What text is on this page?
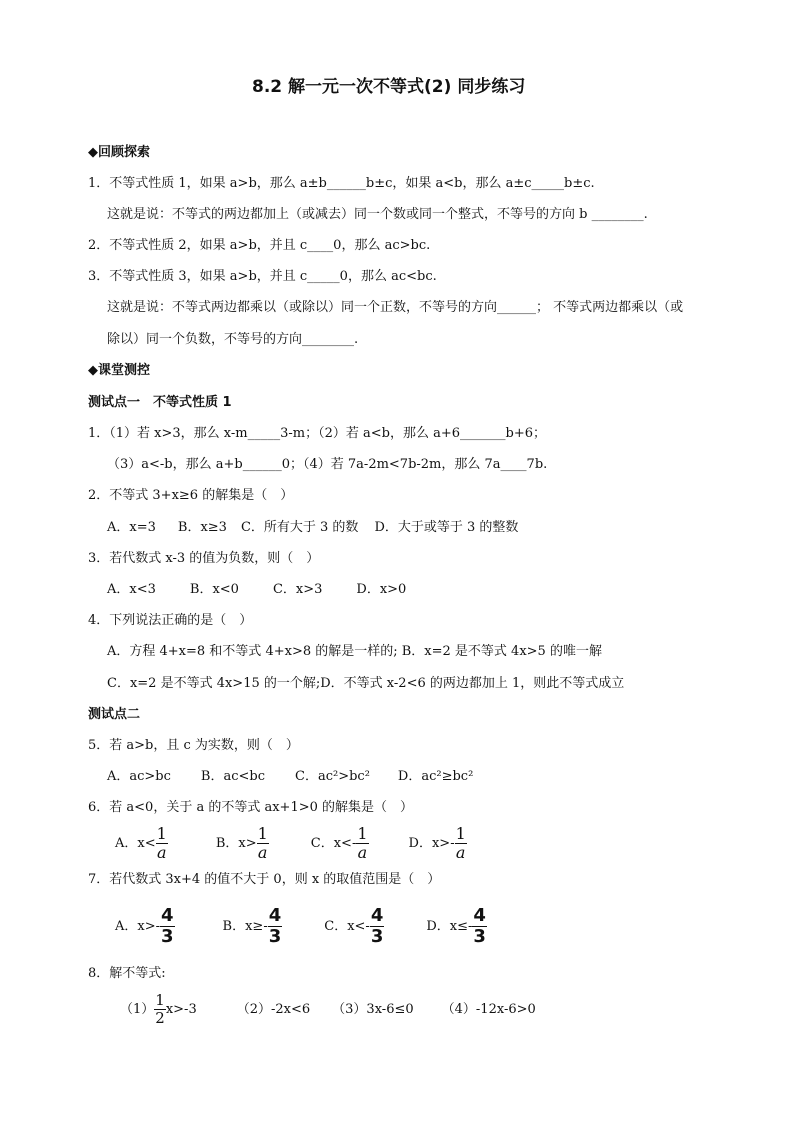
8.2 解一元一次不等式(2) 同步练习
◆回顾探索
1．不等式性质 1，如果 a>b，那么 a±b______b±c，如果 a<b，那么 a±c_____b±c.
这就是说：不等式的两边都加上（或减去）同一个数或同一个整式，不等号的方向 b ________.
2．不等式性质 2，如果 a>b，并且 c____0，那么 ac>bc.
3．不等式性质 3，如果 a>b，并且 c_____0，那么 ac<bc.
这就是说：不等式两边都乘以（或除以）同一个正数，不等号的方向______； 不等式两边都乘以（或
除以）同一个负数，不等号的方向________.
◆课堂测控
测试点一　不等式性质 1
1．（1）若 x>3，那么 x-m_____3-m；（2）若 a<b，那么 a+6_______b+6；
（3）a<-b，那么 a+b______0；（4）若 7a-2m<7b-2m，那么 7a____7b.
2．不等式 3+x≥6 的解集是（　）
A．x=3 B．x≥3 C．所有大于 3 的数 D．大于或等于 3 的整数
3．若代数式 x-3 的值为负数，则（　）
A．x<3	B．x<0	C．x>3	D．x>0
4．下列说法正确的是（　）
A．方程 4+x=8 和不等式 4+x>8 的解是一样的; B．x=2 是不等式 4x>5 的唯一解
C．x=2 是不等式 4x>15 的一个解;D．不等式 x-2<6 的两边都加上 1，则此不等式成立
测试点二
5．若 a>b，且 c 为实数，则（　）
A．ac>bc B．ac<bc C．ac²>bc² D．ac²≥bc²
6．若 a<0，关于 a 的不等式 ax+1>0 的解集是（　）
A．$x< \frac{1}{a}$	B．$x> \frac{1}{a}$	C．$x<- \frac{1}{a}$	D．$x>- \frac{1}{a}$
7．若代数式 3x+4 的值不大于 0，则 x 的取值范围是（　）
A．$x>- \frac{4}{3}$	B．$x\ge- \frac{4}{3}$	C．$x<- \frac{4}{3}$	D．$x\le- \frac{4}{3}$
8．解不等式:
$(1) \frac{1}{2} x>-3$	（2）-2x<6 （3）3x-6≤0 （4）-12x-6>0
